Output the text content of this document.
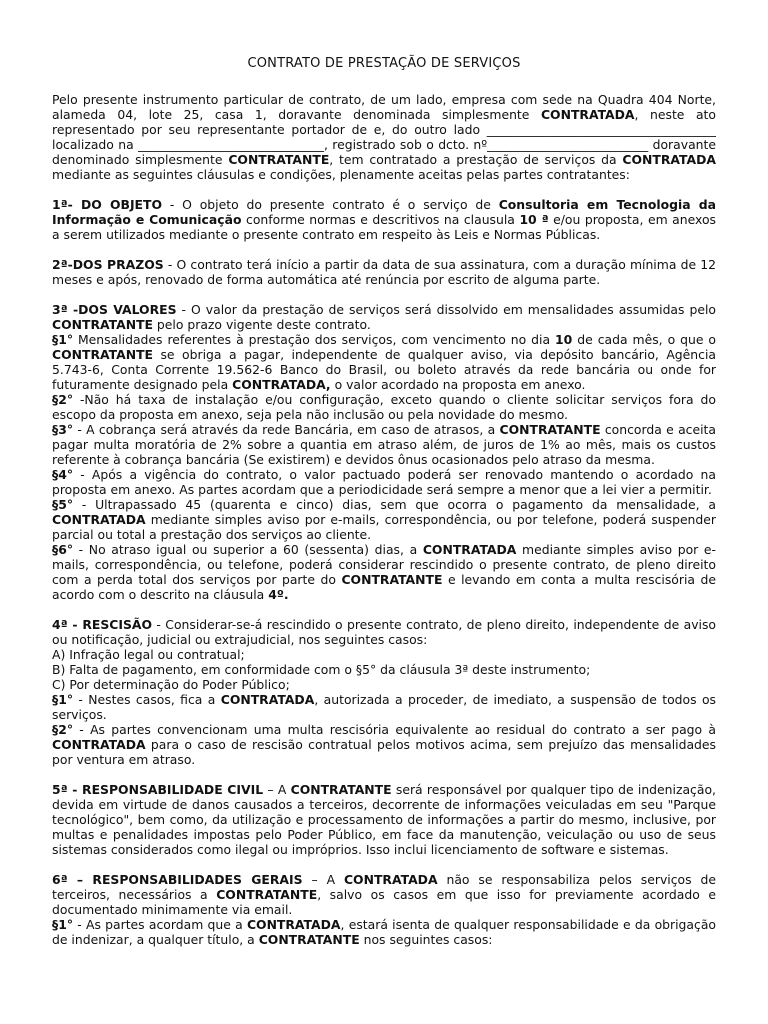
CONTRATO DE PRESTAÇÃO DE SERVIÇOS

Pelo presente instrumento particular de contrato, de um lado, empresa com sede na Quadra 404 Norte, alameda 04, lote 25, casa 1, doravante denominada simplesmente CONTRATADA, neste ato representado por seu representante portador de e, do outro lado _____________________________________ localizado na ______________________________, registrado sob o dcto. nº__________________________ doravante denominado simplesmente CONTRATANTE, tem contratado a prestação de serviços da CONTRATADA mediante as seguintes cláusulas e condições, plenamente aceitas pelas partes contratantes:

1ª- DO OBJETO - O objeto do presente contrato é o serviço de Consultoria em Tecnologia da Informação e Comunicação conforme normas e descritivos na clausula 10 ª e/ou proposta, em anexos a serem utilizados mediante o presente contrato em respeito às Leis e Normas Públicas.

2ª-DOS PRAZOS - O contrato terá início a partir da data de sua assinatura, com a duração mínima de 12 meses e após, renovado de forma automática até renúncia por escrito de alguma parte.

3ª -DOS VALORES - O valor da prestação de serviços será dissolvido em mensalidades assumidas pelo CONTRATANTE pelo prazo vigente deste contrato.

§1° Mensalidades referentes à prestação dos serviços, com vencimento no dia 10 de cada mês, o que o CONTRATANTE se obriga a pagar, independente de qualquer aviso, via depósito bancário, Agência 5.743-6, Conta Corrente 19.562-6 Banco do Brasil, ou boleto através da rede bancária ou onde for futuramente designado pela CONTRATADA, o valor acordado na proposta em anexo.

§2° -Não há taxa de instalação e/ou configuração, exceto quando o cliente solicitar serviços fora do escopo da proposta em anexo, seja pela não inclusão ou pela novidade do mesmo.

§3° - A cobrança será através da rede Bancária, em caso de atrasos, a CONTRATANTE concorda e aceita pagar multa moratória de 2% sobre a quantia em atraso além, de juros de 1% ao mês, mais os custos referente à cobrança bancária (Se existirem) e devidos ônus ocasionados pelo atraso da mesma.

§4° - Após a vigência do contrato, o valor pactuado poderá ser renovado mantendo o acordado na proposta em anexo. As partes acordam que a periodicidade será sempre a menor que a lei vier a permitir.

§5° - Ultrapassado 45 (quarenta e cinco) dias, sem que ocorra o pagamento da mensalidade, a CONTRATADA mediante simples aviso por e-mails, correspondência, ou por telefone, poderá suspender parcial ou total a prestação dos serviços ao cliente.

§6° - No atraso igual ou superior a 60 (sessenta) dias, a CONTRATADA mediante simples aviso por e-mails, correspondência, ou telefone, poderá considerar rescindido o presente contrato, de pleno direito com a perda total dos serviços por parte do CONTRATANTE e levando em conta a multa rescisória de acordo com o descrito na cláusula 4º.

4ª - RESCISÃO - Considerar-se-á rescindido o presente contrato, de pleno direito, independente de aviso ou notificação, judicial ou extrajudicial, nos seguintes casos:

A) Infração legal ou contratual;

B) Falta de pagamento, em conformidade com o §5° da cláusula 3ª deste instrumento;

C) Por determinação do Poder Público;

§1° - Nestes casos, fica a CONTRATADA, autorizada a proceder, de imediato, a suspensão de todos os serviços.

§2° - As partes convencionam uma multa rescisória equivalente ao residual do contrato a ser pago à CONTRATADA para o caso de rescisão contratual pelos motivos acima, sem prejuízo das mensalidades por ventura em atraso.

5ª - RESPONSABILIDADE CIVIL – A CONTRATANTE será responsável por qualquer tipo de indenização, devida em virtude de danos causados a terceiros, decorrente de informações veiculadas em seu "Parque tecnológico", bem como, da utilização e processamento de informações a partir do mesmo, inclusive, por multas e penalidades impostas pelo Poder Público, em face da manutenção, veiculação ou uso de seus sistemas considerados como ilegal ou impróprios. Isso inclui licenciamento de software e sistemas.

6ª – RESPONSABILIDADES GERAIS – A CONTRATADA não se responsabiliza pelos serviços de terceiros, necessários a CONTRATANTE, salvo os casos em que isso for previamente acordado e documentado minimamente via email.

§1° - As partes acordam que a CONTRATADA, estará isenta de qualquer responsabilidade e da obrigação de indenizar, a qualquer título, a CONTRATANTE nos seguintes casos:
